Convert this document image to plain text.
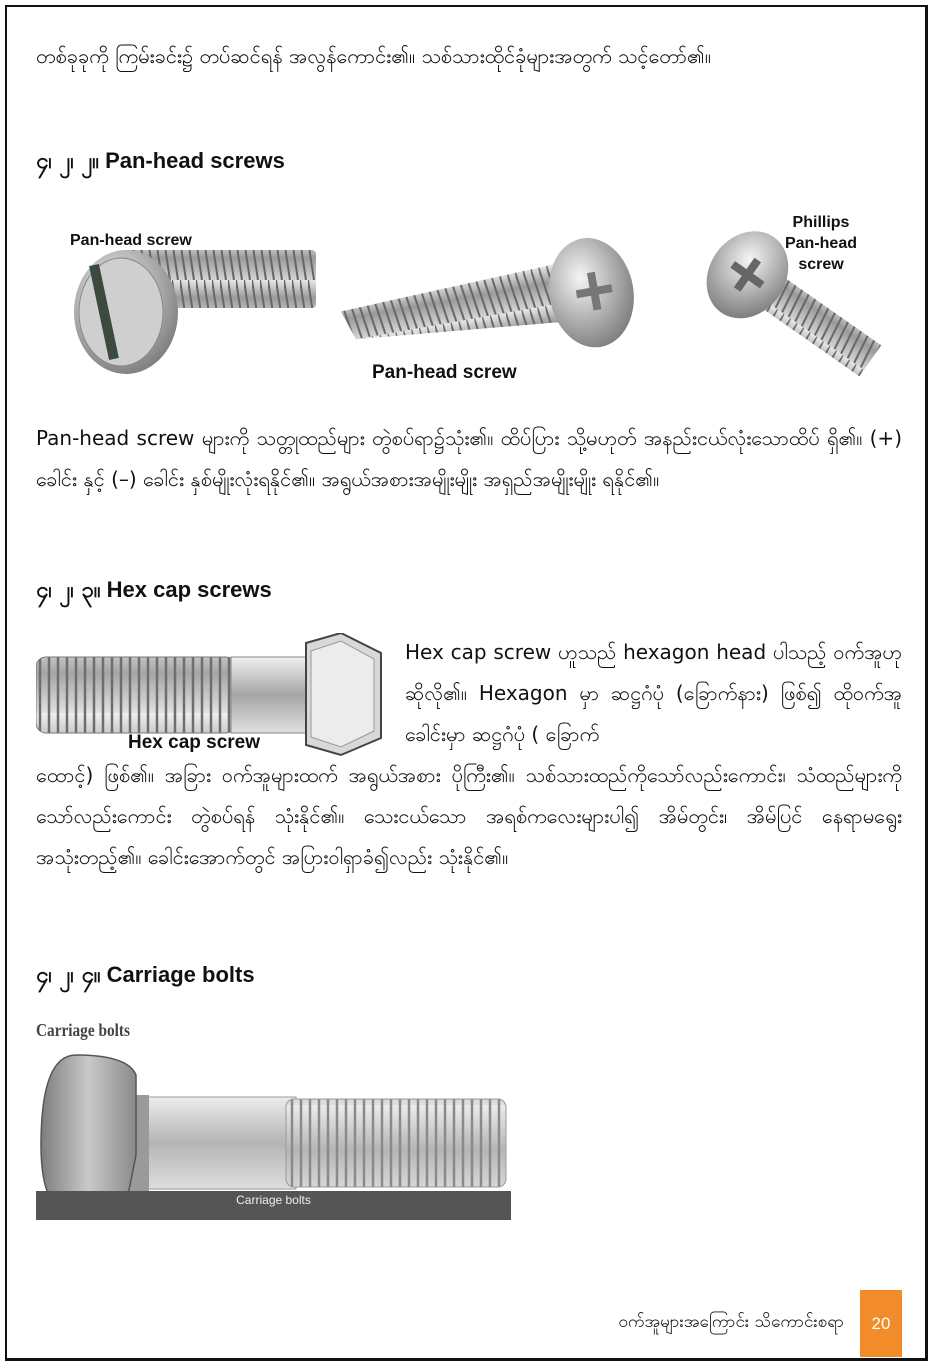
တစ်ခုခုကို ကြမ်းခင်း၌ တပ်ဆင်ရန် အလွန်ကောင်း၏။ သစ်သားထိုင်ခုံများအတွက် သင့်တော်၏။

၄၊ ၂၊ ၂။ Pan-head screws
Pan-head screw
Pan-head screw
Phillips
Pan-head
screw

Pan-head screw များကို သတ္တုထည်များ တွဲစပ်ရာ၌သုံး၏။ ထိပ်ပြား သို့မဟုတ် အနည်းငယ်လုံးသောထိပ် ရှိ၏။ (+) ခေါင်း နှင့် (–) ခေါင်း နှစ်မျိုးလုံးရနိုင်၏။ အရွယ်အစားအမျိုးမျိုး အရှည်အမျိုးမျိုး ရနိုင်၏။

၄၊ ၂၊ ၃။ Hex cap screws
Hex cap screw

Hex cap screw ဟူသည် hexagon head ပါသည့် ဝက်အူဟု ဆိုလို၏။ Hexagon မှာ ဆဋ္ဌဂံပုံ (ခြောက်နား) ဖြစ်၍ ထိုဝက်အူခေါင်းမှာ ဆဋ္ဌဂံပုံ ( ခြောက်

ထောင့်) ဖြစ်၏။ အခြား ဝက်အူများထက် အရွယ်အစား ပိုကြီး၏။ သစ်သားထည်ကိုသော်လည်းကောင်း၊ သံထည်များကိုသော်လည်းကောင်း တွဲစပ်ရန် သုံးနိုင်၏။ သေးငယ်သော အရစ်ကလေးများပါ၍ အိမ်တွင်း၊ အိမ်ပြင် နေရာမရွေး အသုံးတည့်၏။ ခေါင်းအောက်တွင် အပြားဝါရှာခံ၍လည်း သုံးနိုင်၏။

၄၊ ၂၊ ၄။ Carriage bolts
Carriage bolts
Carriage bolts
ဝက်အူများအကြောင်း သိကောင်းစရာ	20
